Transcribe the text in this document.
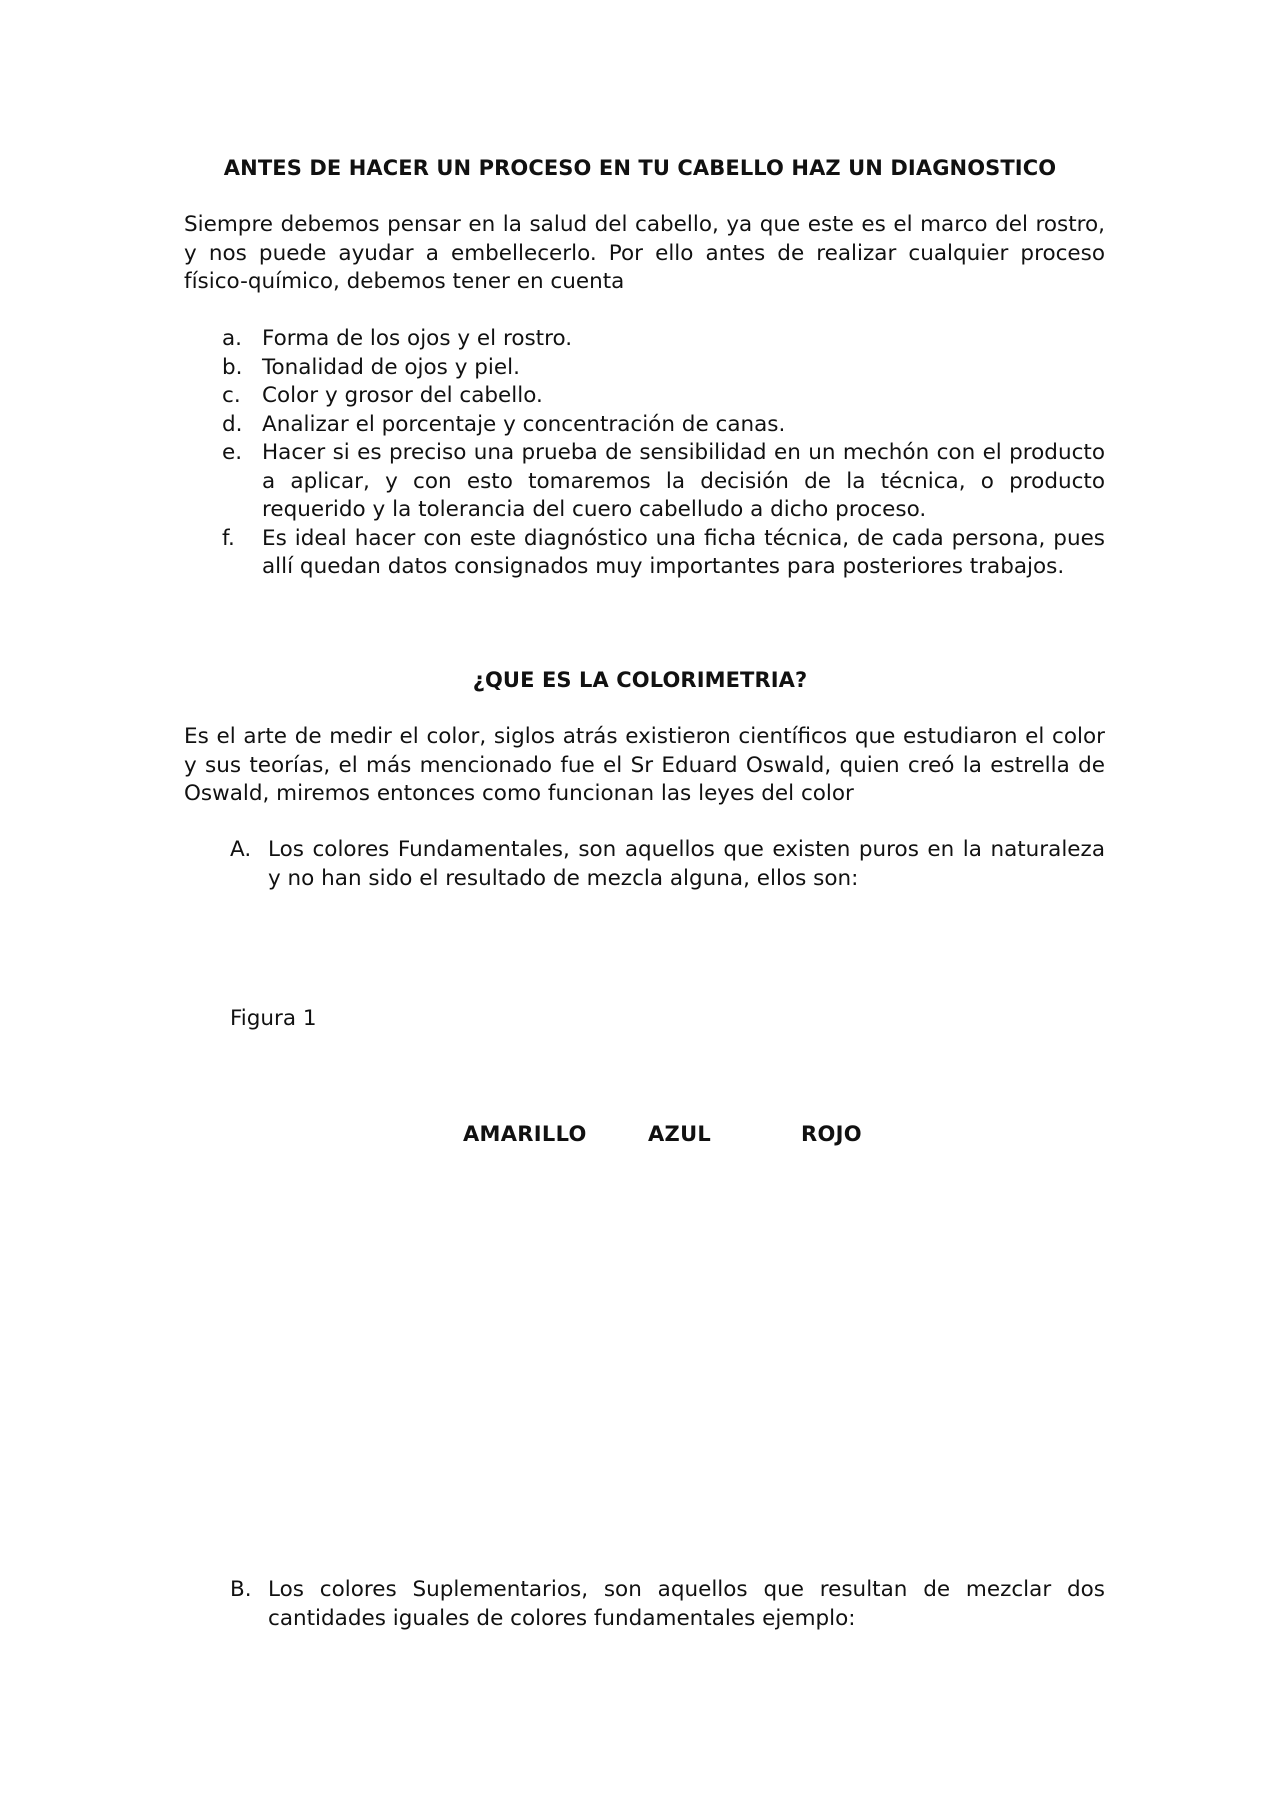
ANTES DE HACER UN PROCESO EN TU CABELLO HAZ UN DIAGNOSTICO
Siempre debemos pensar en la salud del cabello, ya que este es el marco del rostro, y nos puede ayudar a embellecerlo. Por ello antes de realizar cualquier proceso físico-químico, debemos tener en cuenta
a. Forma de los ojos y el rostro.
b. Tonalidad de ojos y piel.
c. Color y grosor del cabello.
d. Analizar el porcentaje y concentración de canas.
e. Hacer si es preciso una prueba de sensibilidad en un mechón con el producto a aplicar, y con esto tomaremos la decisión de la técnica, o producto requerido y la tolerancia del cuero cabelludo a dicho proceso.
f.	Es ideal hacer con este diagnóstico una ficha técnica, de cada persona, pues allí quedan datos consignados muy importantes para posteriores trabajos.
¿QUE ES LA COLORIMETRIA?
Es el arte de medir el color, siglos atrás existieron científicos que estudiaron el color y sus teorías, el más mencionado fue el Sr Eduard Oswald, quien creó la estrella de Oswald, miremos entonces como funcionan las leyes del color
A. Los colores Fundamentales, son aquellos que existen puros en la naturaleza y no han sido el resultado de mezcla alguna, ellos son:
Figura 1
AMARILLO	AZUL	ROJO
B. Los colores Suplementarios, son aquellos que resultan de mezclar dos cantidades iguales de colores fundamentales ejemplo:
